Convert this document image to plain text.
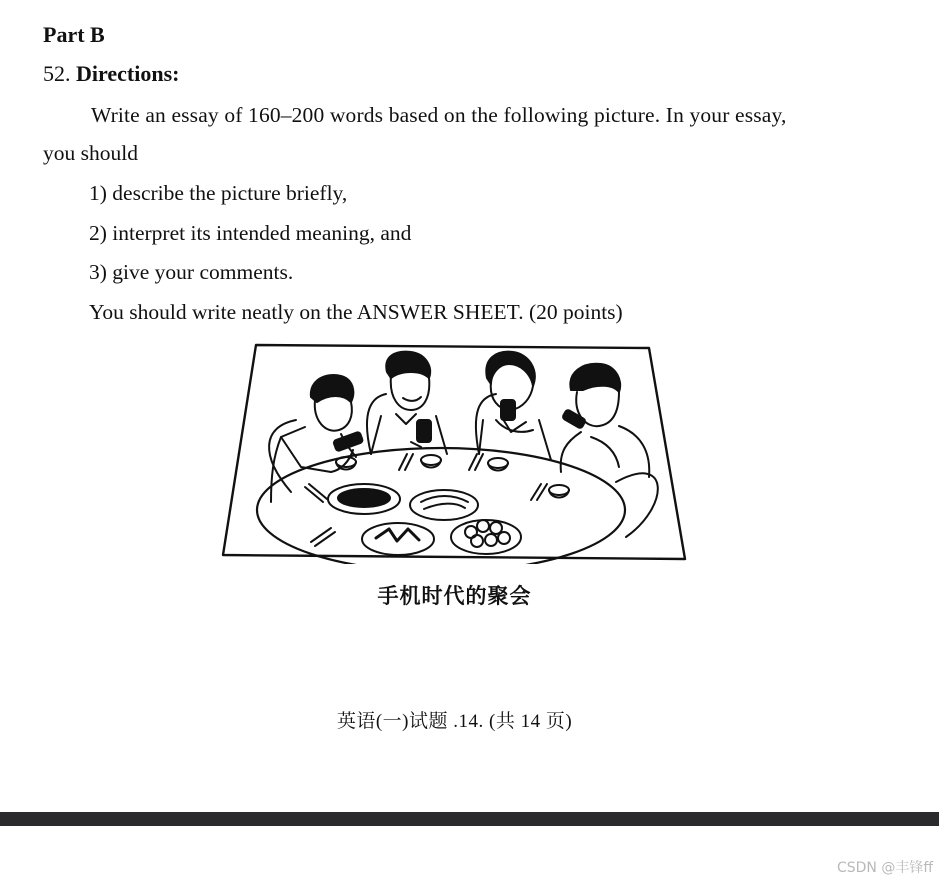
Part B
52. Directions:
Write an essay of 160–200 words based on the following picture. In your essay,
you should
1) describe the picture briefly,
2) interpret its intended meaning, and
3) give your comments.
You should write neatly on the ANSWER SHEET. (20 points)
手机时代的聚会
英语(一)试题 .14. (共 14 页)
CSDN @丰锋ff
